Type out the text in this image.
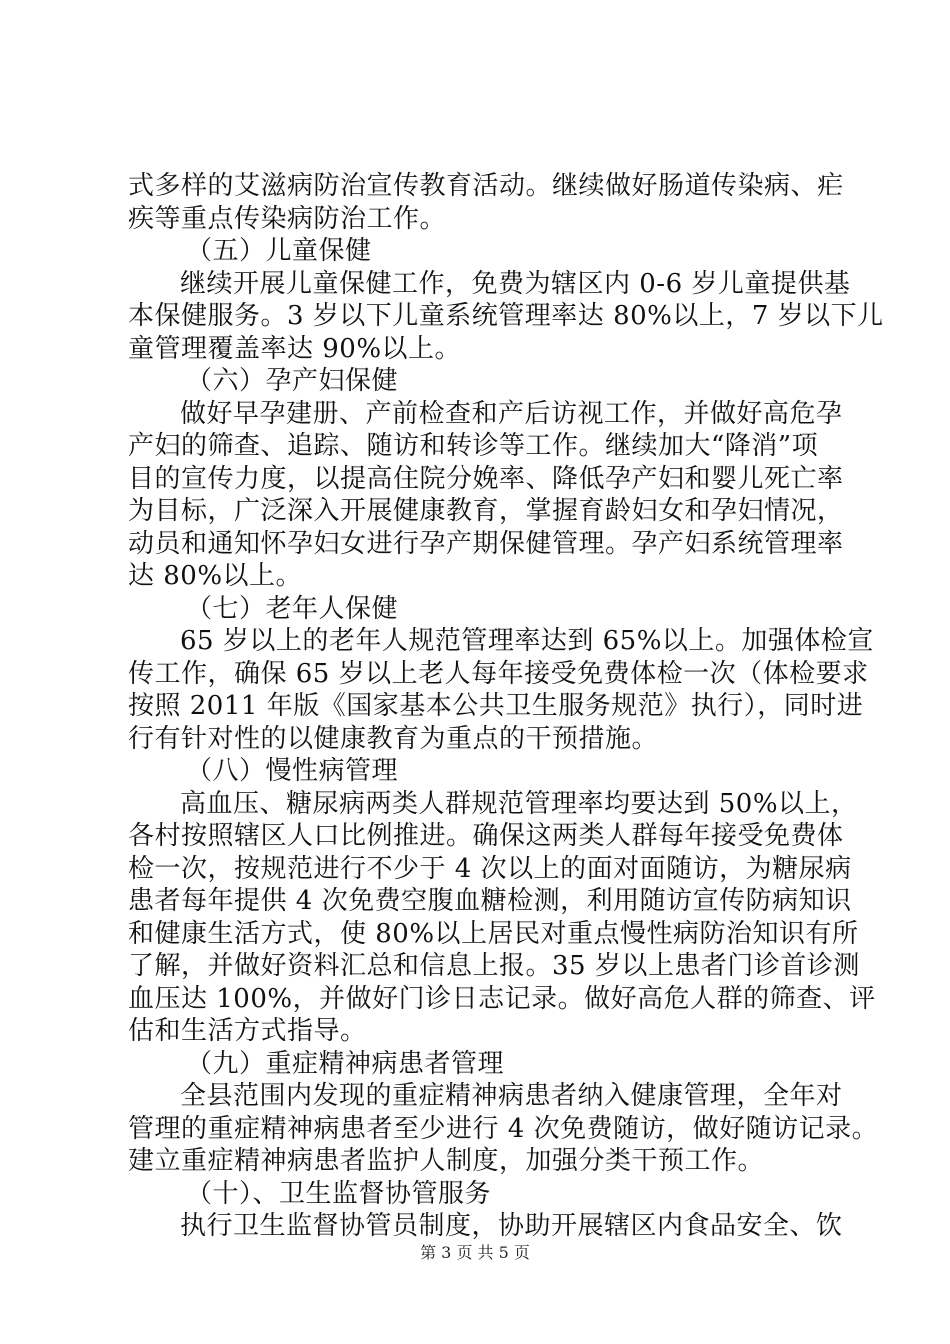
式多样的艾滋病防治宣传教育活动。继续做好肠道传染病、疟
疾等重点传染病防治工作。
（五）儿童保健
继续开展儿童保健工作，免费为辖区内 0-6 岁儿童提供基
本保健服务。3 岁以下儿童系统管理率达 80%以上，7 岁以下儿
童管理覆盖率达 90%以上。
（六）孕产妇保健
做好早孕建册、产前检查和产后访视工作，并做好高危孕
产妇的筛查、追踪、随访和转诊等工作。继续加大“降消”项
目的宣传力度，以提高住院分娩率、降低孕产妇和婴儿死亡率
为目标，广泛深入开展健康教育，掌握育龄妇女和孕妇情况，
动员和通知怀孕妇女进行孕产期保健管理。孕产妇系统管理率
达 80%以上。
（七）老年人保健
65 岁以上的老年人规范管理率达到 65%以上。加强体检宣
传工作，确保 65 岁以上老人每年接受免费体检一次（体检要求
按照 2011 年版《国家基本公共卫生服务规范》执行），同时进
行有针对性的以健康教育为重点的干预措施。
（八）慢性病管理
高血压、糖尿病两类人群规范管理率均要达到 50%以上，
各村按照辖区人口比例推进。确保这两类人群每年接受免费体
检一次，按规范进行不少于 4 次以上的面对面随访，为糖尿病
患者每年提供 4 次免费空腹血糖检测，利用随访宣传防病知识
和健康生活方式，使 80%以上居民对重点慢性病防治知识有所
了解，并做好资料汇总和信息上报。35 岁以上患者门诊首诊测
血压达 100%，并做好门诊日志记录。做好高危人群的筛查、评
估和生活方式指导。
（九）重症精神病患者管理
全县范围内发现的重症精神病患者纳入健康管理，全年对
管理的重症精神病患者至少进行 4 次免费随访，做好随访记录。
建立重症精神病患者监护人制度，加强分类干预工作。
（十）、卫生监督协管服务
执行卫生监督协管员制度，协助开展辖区内食品安全、饮
第 3 页 共 5 页
